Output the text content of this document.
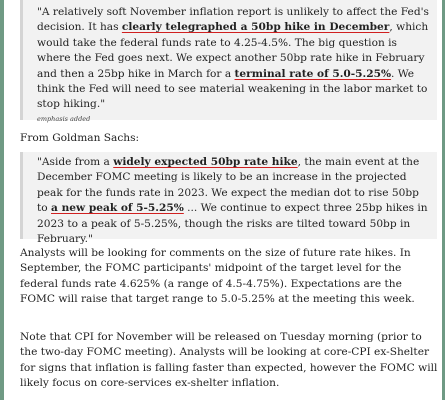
"A relatively soft November inflation report is unlikely to affect the Fed's decision. It has clearly telegraphed a 50bp hike in December, which would take the federal funds rate to 4.25-4.5%. The big question is where the Fed goes next. We expect another 50bp rate hike in February and then a 25bp hike in March for a terminal rate of 5.0-5.25%. We think the Fed will need to see material weakening in the labor market to stop hiking."

emphasis added
From Goldman Sachs:

"Aside from a widely expected 50bp rate hike, the main event at the December FOMC meeting is likely to be an increase in the projected peak for the funds rate in 2023. We expect the median dot to rise 50bp to a new peak of 5-5.25% ... We continue to expect three 25bp hikes in 2023 to a peak of 5-5.25%, though the risks are tilted toward 50bp in February."

Analysts will be looking for comments on the size of future rate hikes. In September, the FOMC participants' midpoint of the target level for the federal funds rate 4.625% (a range of 4.5-4.75%). Expectations are the FOMC will raise that target range to 5.0-5.25% at the meeting this week.
Note that CPI for November will be released on Tuesday morning (prior to the two-day FOMC meeting). Analysts will be looking at core-CPI ex-Shelter for signs that inflation is falling faster than expected, however the FOMC will likely focus on core-services ex-shelter inflation.
